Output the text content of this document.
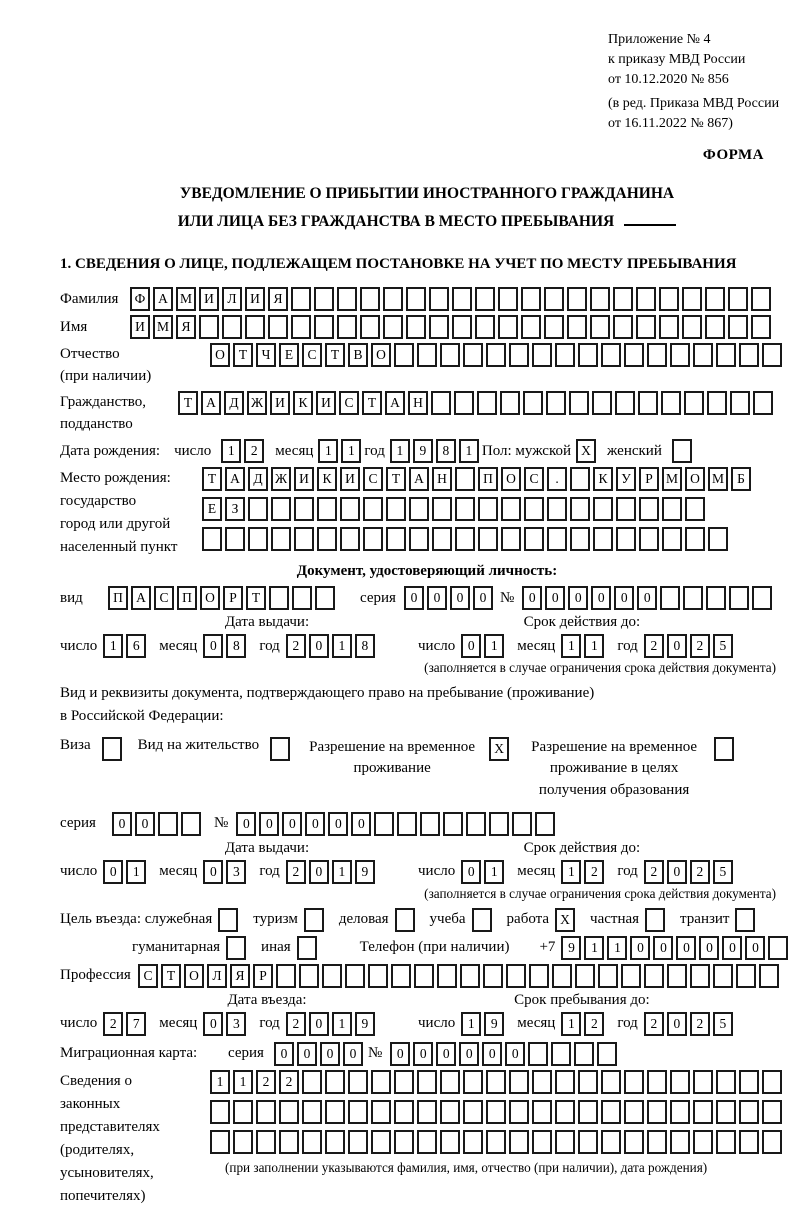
Приложение № 4
к приказу МВД России
от 10.12.2020 № 856
(в ред. Приказа МВД России
от 16.11.2022 № 867)
ФОРМА
УВЕДОМЛЕНИЕ О ПРИБЫТИИ ИНОСТРАННОГО ГРАЖДАНИНА
ИЛИ ЛИЦА БЕЗ ГРАЖДАНСТВА В МЕСТО ПРЕБЫВАНИЯ
1. СВЕДЕНИЯ О ЛИЦЕ, ПОДЛЕЖАЩЕМ ПОСТАНОВКЕ НА УЧЕТ ПО МЕСТУ ПРЕБЫВАНИЯ
Фамилия	Ф А М И	Л	И	Я
Имя	И М Я
Отчество
(при наличии)
О	Т	Ч	Е	С	Т	В	О
Гражданство,
подданство
Т	А	Д Ж И	К	И	С	Т	А Н
Дата рождения: число	1	2	месяц 1	1 год 1	9	8	1 Пол: мужской X	женский
Место рождения:
государство
город или другой
населенный пункт
Т	А	Д Ж И	К	И	С	Т	А Н	П О	С	.	К	У	Р М О М Б
Е	З
Документ, удостоверяющий личность:
вид	П А	С	П О	Р	Т	серия	0	0	0	0 №	0	0	0	0	0	0
Дата выдачи:
число 1	6	месяц 0	8	год 2	0	1	8
Срок действия до:
число 0	1	месяц 1	1	год 2	0	2	5
(заполняется в случае ограничения срока действия документа)
Вид и реквизиты документа, подтверждающего право на пребывание (проживание)
в Российской Федерации:
Виза	Вид на жительство	Разрешение на временное проживание
X	Разрешение на временное проживание в целях получения образования
серия	0	0	№	0	0	0	0	0	0
Дата выдачи:
число 0	1	месяц 0	3	год 2	0	1	9
Срок действия до:
число 0	1	месяц 1	2	год 2	0	2	5
(заполняется в случае ограничения срока действия документа)
Цель въезда: служебная	туризм	деловая	учеба	работа X	частная	транзит
гуманитарная	иная	Телефон (при наличии) +7 9	1	1	0	0	0	0	0	0
Профессия С	Т	О	Л	Я	Р
Дата въезда:
число 2	7	месяц 0	3	год 2	0	1	9
Срок пребывания до:
число 1	9	месяц 1	2	год 2	0	2	5
Миграционная карта:	серия	0	0	0	0 №	0	0	0	0	0	0
Сведения о
законных
представителях
(родителях,
усыновителях,
попечителях)
1	1	2	2
(при заполнении указываются фамилия, имя, отчество (при наличии), дата рождения)
